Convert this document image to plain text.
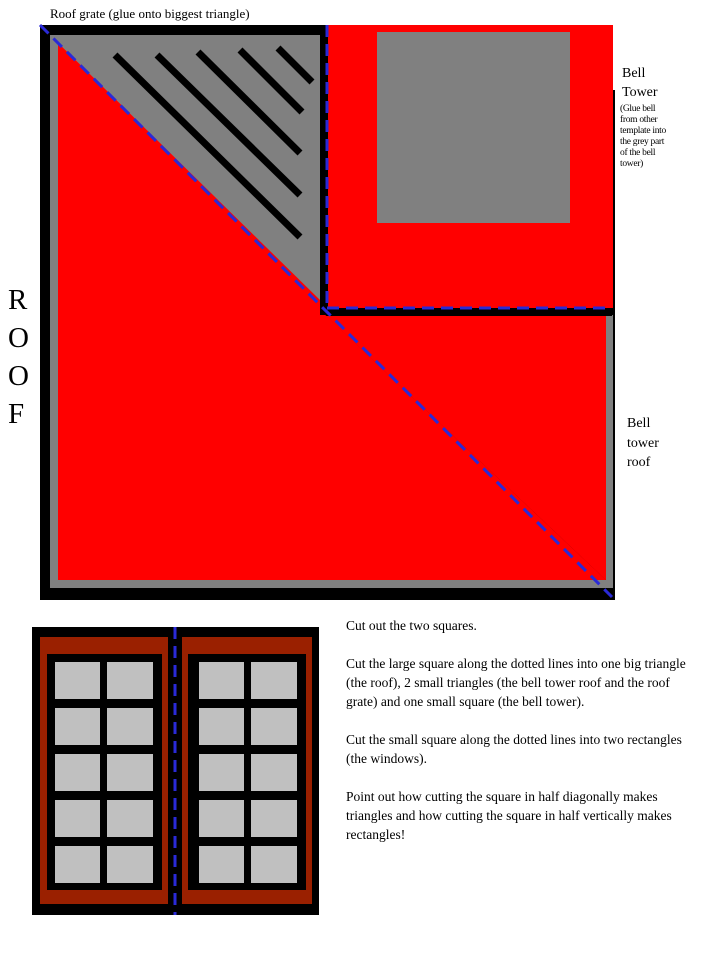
Roof grate (glue onto biggest triangle)
Bell
Tower
(Glue bell
from other
template into
the grey part
of the bell
tower)
Bell
tower
roof
R
O
O
F

Cut out the two squares.

Cut the large square along the dotted lines into one big triangle (the roof), 2 small triangles (the bell tower roof and the roof grate) and one small square (the bell tower).

Cut the small square along the dotted lines into two rectangles (the windows).

Point out how cutting the square in half diagonally makes triangles and how cutting the square in half vertically makes rectangles!
